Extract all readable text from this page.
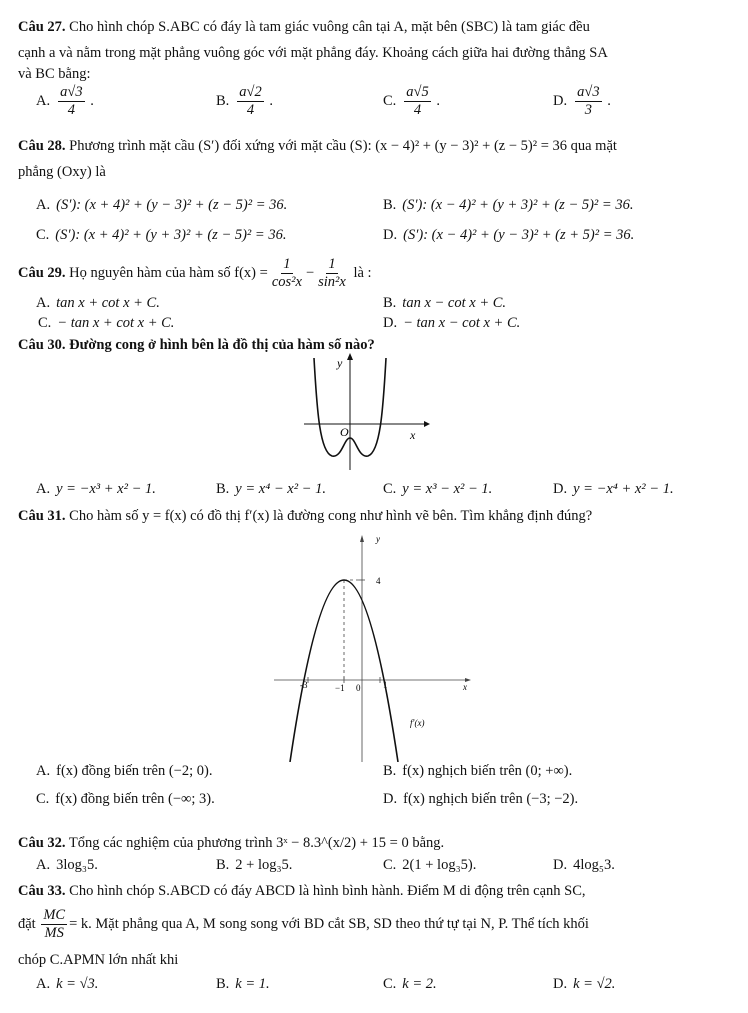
Câu 27. Cho hình chóp S.ABC có đáy là tam giác vuông cân tại A, mặt bên (SBC) là tam giác đều
cạnh a và nằm trong mặt phẳng vuông góc với mặt phẳng đáy. Khoảng cách giữa hai đường thẳng SA
và BC bằng:
A. $\frac{a√3}{4}$ .	B. $\frac{a√2}{4}$ .	C. $\frac{a√5}{4}$ .	D. $\frac{a√3}{3}$ .
Câu 28. Phương trình mặt cầu (S′) đối xứng với mặt cầu (S): (x − 4)² + (y − 3)² + (z − 5)² = 36 qua mặt
phẳng (Oxy) là
A. (S′): (x + 4)² + (y − 3)² + (z − 5)² = 36.	B. (S′): (x − 4)² + (y + 3)² + (z − 5)² = 36.
C. (S′): (x + 4)² + (y + 3)² + (z − 5)² = 36.	D. (S′): (x − 4)² + (y − 3)² + (z + 5)² = 36.
Câu 29. Họ nguyên hàm của hàm số $f(x) = \frac{1}{\text{cos²x}} - \frac{1}{\text{sin²x}}$ là :
A. tan x + cot x + C.	B. tan x − cot x + C.
C. − tan x + cot x + C.	D. − tan x − cot x + C.
Câu 30. Đường cong ở hình bên là đồ thị của hàm số nào?
y
x
O
A. y = −x³ + x² − 1.	B. y = x⁴ − x² − 1.	C. y = x³ − x² − 1.	D. y = −x⁴ + x² − 1.
Câu 31. Cho hàm số y = f(x) có đồ thị f′(x) là đường cong như hình vẽ bên. Tìm khẳng định đúng?
y
x
4
-3	−1 0	1
f′(x)
A. f(x) đồng biến trên (−2; 0).	B. f(x) nghịch biến trên (0; +∞).
C. f(x) đồng biến trên (−∞; 3).	D. f(x) nghịch biến trên (−3; −2).
Câu 32. Tổng các nghiệm của phương trình 3ˣ − 8.3^(x/2) + 15 = 0 bằng.
A. 3log₃5.	B. 2 + log₃5.	C. 2(1 + log₃5).	D. 4log₅3.
Câu 33. Cho hình chóp S.ABCD có đáy ABCD là hình bình hành. Điểm M di động trên cạnh SC,
đặt $\frac{MC}{MS} = k$. Mặt phẳng qua A, M song song với BD cắt SB, SD theo thứ tự tại N, P. Thể tích khối
chóp C.APMN lớn nhất khi
A. k = √3.	B. k = 1.	C. k = 2.	D. k = √2.
